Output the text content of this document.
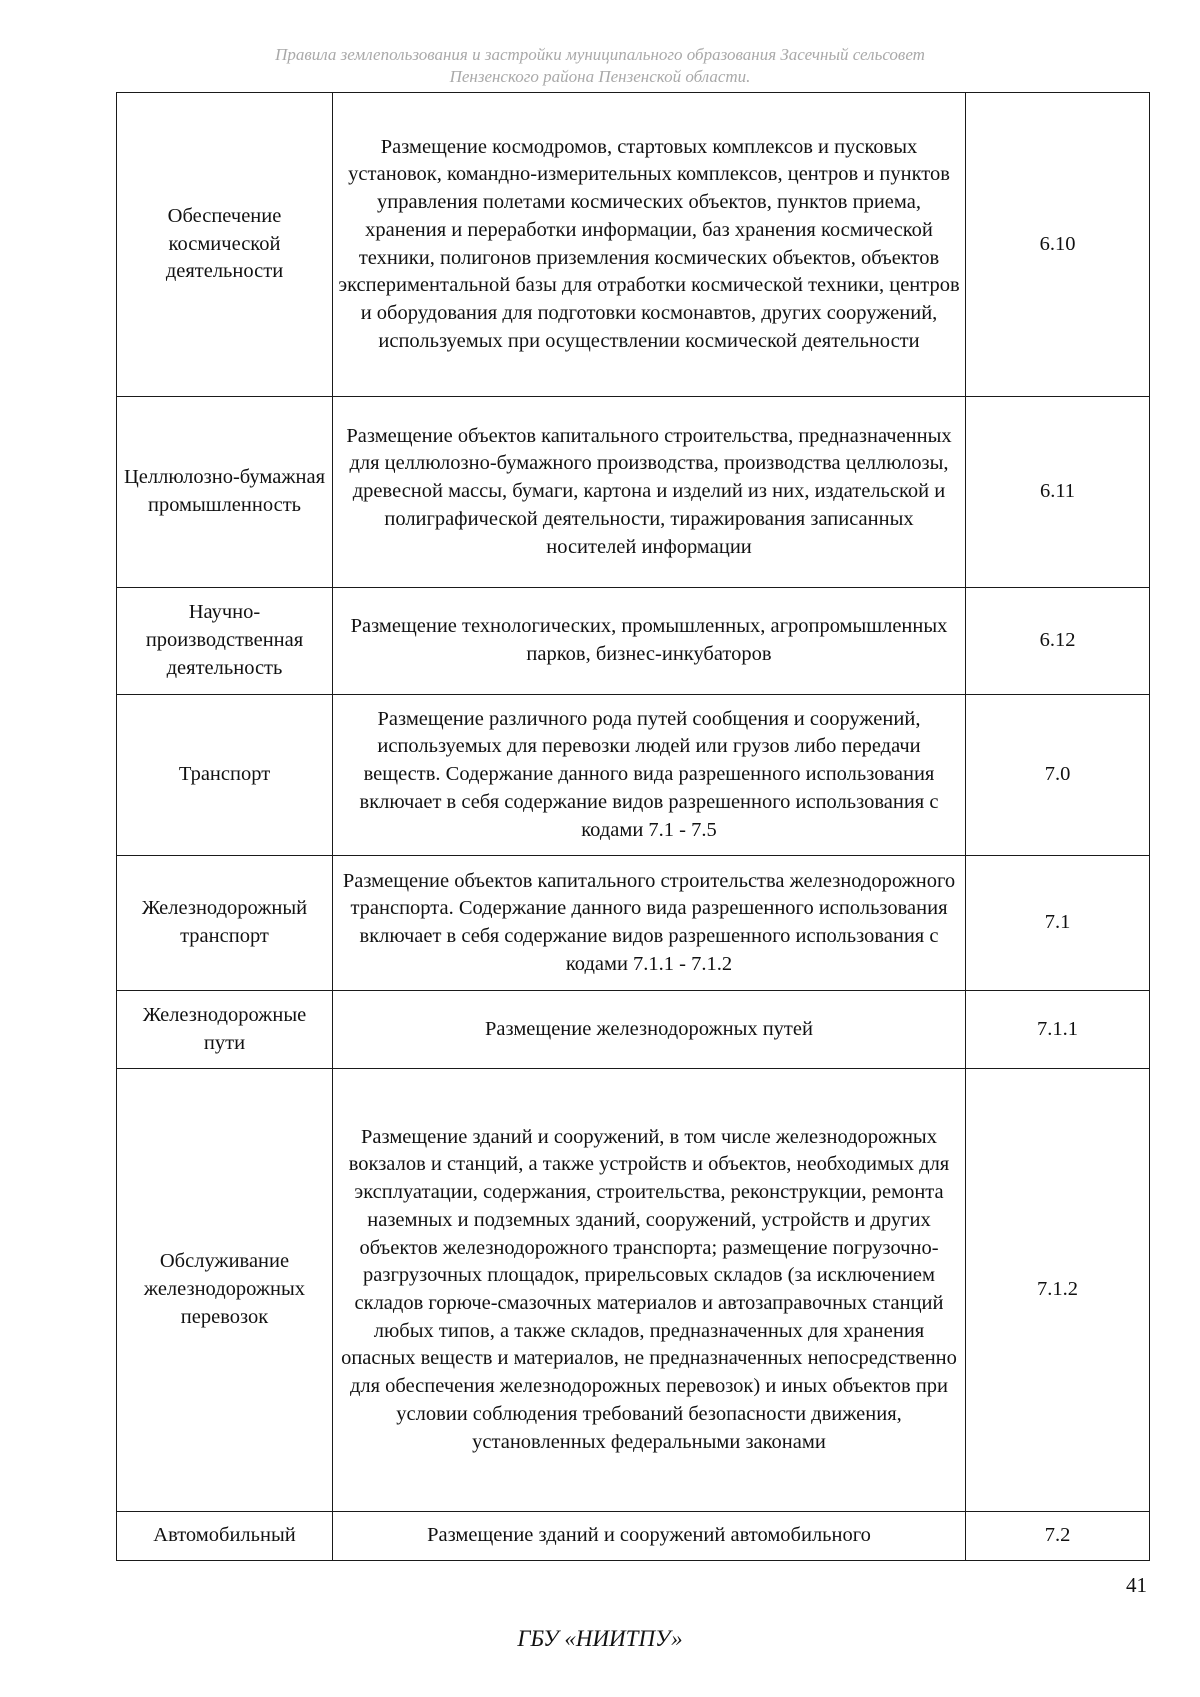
Правила землепользования и застройки муниципального образования Засечный сельсовет
Пензенского района Пензенской области.
Обеспечение космической деятельности	Размещение космодромов, стартовых комплексов и пусковых установок, командно-измерительных комплексов, центров и пунктов управления полетами космических объектов, пунктов приема, хранения и переработки информации, баз хранения космической техники, полигонов приземления космических объектов, объектов экспериментальной базы для отработки космической техники, центров и оборудования для подготовки космонавтов, других сооружений, используемых при осуществлении космической деятельности	6.10
Целлюлозно-бумажная промышленность	Размещение объектов капитального строительства, предназначенных для целлюлозно-бумажного производства, производства целлюлозы, древесной массы, бумаги, картона и изделий из них, издательской и полиграфической деятельности, тиражирования записанных носителей информации	6.11
Научно-производственная деятельность	Размещение технологических, промышленных, агропромышленных парков, бизнес-инкубаторов	6.12
Транспорт	Размещение различного рода путей сообщения и сооружений, используемых для перевозки людей или грузов либо передачи веществ. Содержание данного вида разрешенного использования включает в себя содержание видов разрешенного использования с кодами 7.1 - 7.5	7.0
Железнодорожный транспорт	Размещение объектов капитального строительства железнодорожного транспорта. Содержание данного вида разрешенного использования включает в себя содержание видов разрешенного использования с кодами 7.1.1 - 7.1.2	7.1
Железнодорожные пути	Размещение железнодорожных путей	7.1.1
Обслуживание железнодорожных перевозок	Размещение зданий и сооружений, в том числе железнодорожных вокзалов и станций, а также устройств и объектов, необходимых для эксплуатации, содержания, строительства, реконструкции, ремонта наземных и подземных зданий, сооружений, устройств и других объектов железнодорожного транспорта; размещение погрузочно-разгрузочных площадок, прирельсовых складов (за исключением складов горюче-смазочных материалов и автозаправочных станций любых типов, а также складов, предназначенных для хранения опасных веществ и материалов, не предназначенных непосредственно для обеспечения железнодорожных перевозок) и иных объектов при условии соблюдения требований безопасности движения, установленных федеральными законами	7.1.2
Автомобильный	Размещение зданий и сооружений автомобильного	7.2
41
ГБУ «НИИТПУ»
